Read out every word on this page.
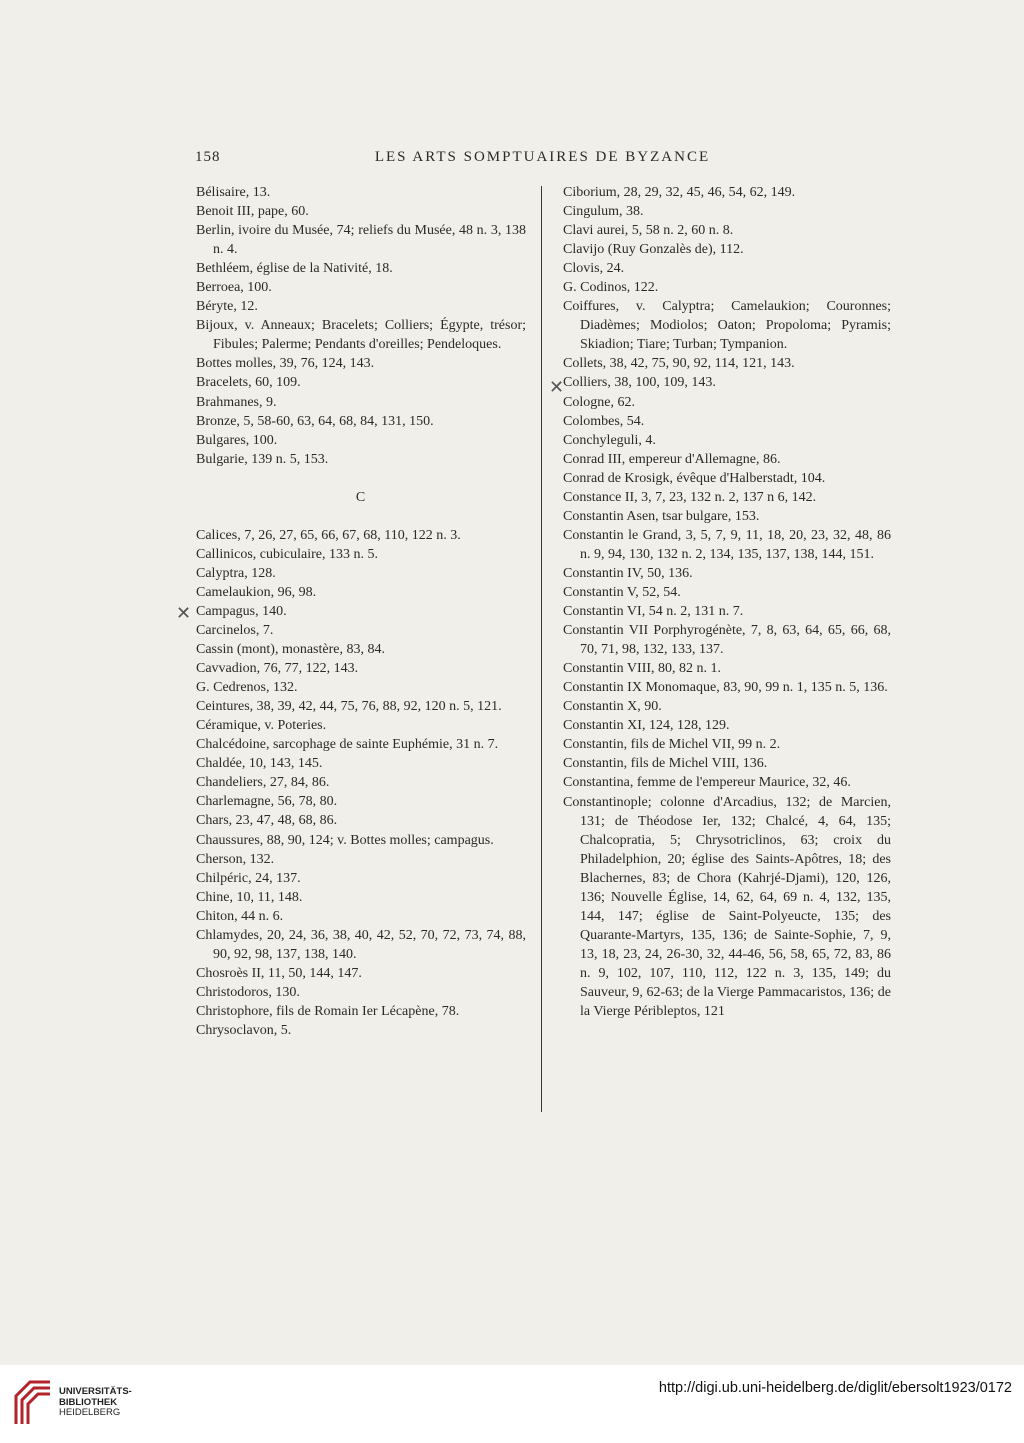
158	LES ARTS SOMPTUAIRES DE BYZANCE
Bélisaire, 13.
Benoit III, pape, 60.
Berlin, ivoire du Musée, 74; reliefs du Musée, 48 n. 3, 138 n. 4.
Bethléem, église de la Nativité, 18.
Berroea, 100.
Béryte, 12.
Bijoux, v. Anneaux; Bracelets; Colliers; Égypte, trésor; Fibules; Palerme; Pendants d'oreilles; Pendeloques.
Bottes molles, 39, 76, 124, 143.
Bracelets, 60, 109.
Brahmanes, 9.
Bronze, 5, 58-60, 63, 64, 68, 84, 131, 150.
Bulgares, 100.
Bulgarie, 139 n. 5, 153.
C
Calices, 7, 26, 27, 65, 66, 67, 68, 110, 122 n. 3.
Callinicos, cubiculaire, 133 n. 5.
Calyptra, 128.
Camelaukion, 96, 98.
Campagus, 140.
Carcinelos, 7.
Cassin (mont), monastère, 83, 84.
Cavvadion, 76, 77, 122, 143.
G. Cedrenos, 132.
Ceintures, 38, 39, 42, 44, 75, 76, 88, 92, 120 n. 5, 121.
Céramique, v. Poteries.
Chalcédoine, sarcophage de sainte Euphémie, 31 n. 7.
Chaldée, 10, 143, 145.
Chandeliers, 27, 84, 86.
Charlemagne, 56, 78, 80.
Chars, 23, 47, 48, 68, 86.
Chaussures, 88, 90, 124; v. Bottes molles; campagus.
Cherson, 132.
Chilpéric, 24, 137.
Chine, 10, 11, 148.
Chiton, 44 n. 6.
Chlamydes, 20, 24, 36, 38, 40, 42, 52, 70, 72, 73, 74, 88, 90, 92, 98, 137, 138, 140.
Chosroès II, 11, 50, 144, 147.
Christodoros, 130.
Christophore, fils de Romain Ier Lécapène, 78.
Chrysoclavon, 5.
Ciborium, 28, 29, 32, 45, 46, 54, 62, 149.
Cingulum, 38.
Clavi aurei, 5, 58 n. 2, 60 n. 8.
Clavijo (Ruy Gonzalès de), 112.
Clovis, 24.
G. Codinos, 122.
Coiffures, v. Calyptra; Camelaukion; Couronnes; Diadèmes; Modiolos; Oaton; Propoloma; Pyramis; Skiadion; Tiare; Turban; Tympanion.
Collets, 38, 42, 75, 90, 92, 114, 121, 143.
Colliers, 38, 100, 109, 143.
Cologne, 62.
Colombes, 54.
Conchyleguli, 4.
Conrad III, empereur d'Allemagne, 86.
Conrad de Krosigk, évêque d'Halberstadt, 104.
Constance II, 3, 7, 23, 132 n. 2, 137 n 6, 142.
Constantin Asen, tsar bulgare, 153.
Constantin le Grand, 3, 5, 7, 9, 11, 18, 20, 23, 32, 48, 86 n. 9, 94, 130, 132 n. 2, 134, 135, 137, 138, 144, 151.
Constantin IV, 50, 136.
Constantin V, 52, 54.
Constantin VI, 54 n. 2, 131 n. 7.
Constantin VII Porphyrogénète, 7, 8, 63, 64, 65, 66, 68, 70, 71, 98, 132, 133, 137.
Constantin VIII, 80, 82 n. 1.
Constantin IX Monomaque, 83, 90, 99 n. 1, 135 n. 5, 136.
Constantin X, 90.
Constantin XI, 124, 128, 129.
Constantin, fils de Michel VII, 99 n. 2.
Constantin, fils de Michel VIII, 136.
Constantina, femme de l'empereur Maurice, 32, 46.
Constantinople; colonne d'Arcadius, 132; de Marcien, 131; de Théodose Ier, 132; Chalcé, 4, 64, 135; Chalcopratia, 5; Chrysotriclinos, 63; croix du Philadelphion, 20; église des Saints-Apôtres, 18; des Blachernes, 83; de Chora (Kahrjé-Djami), 120, 126, 136; Nouvelle Église, 14, 62, 64, 69 n. 4, 132, 135, 144, 147; église de Saint-Polyeucte, 135; des Quarante-Martyrs, 135, 136; de Sainte-Sophie, 7, 9, 13, 18, 23, 24, 26-30, 32, 44-46, 56, 58, 65, 72, 83, 86 n. 9, 102, 107, 110, 112, 122 n. 3, 135, 149; du Sauveur, 9, 62-63; de la Vierge Pammacaristos, 136; de la Vierge Péribleptos, 121
✕
✕
UNIVERSITÄTS-
BIBLIOTHEK
HEIDELBERG
http://digi.ub.uni-heidelberg.de/diglit/ebersolt1923/0172
